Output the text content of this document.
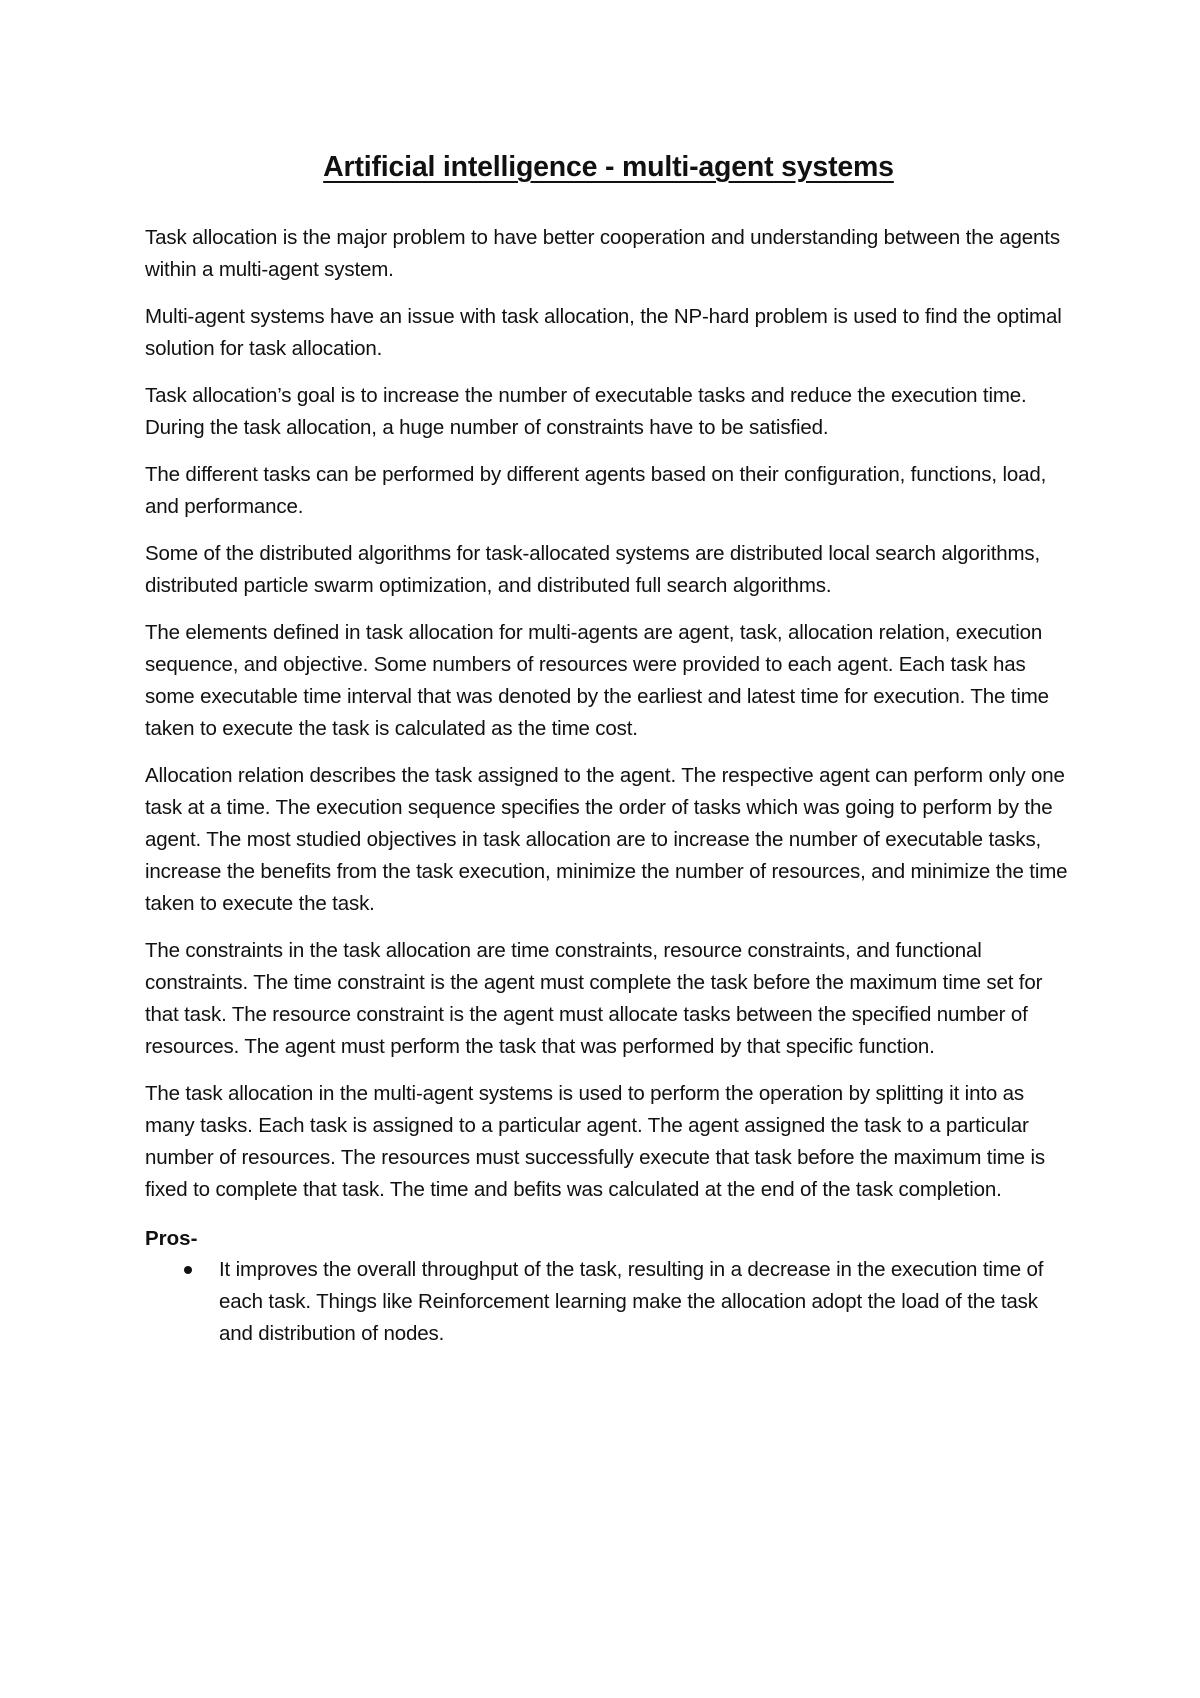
Artificial intelligence - multi-agent systems

Task allocation is the major problem to have better cooperation and understanding between the agents within a multi-agent system.

Multi-agent systems have an issue with task allocation, the NP-hard problem is used to find the optimal solution for task allocation.

Task allocation’s goal is to increase the number of executable tasks and reduce the execution time. During the task allocation, a huge number of constraints have to be satisfied.

The different tasks can be performed by different agents based on their configuration, functions, load, and performance.

Some of the distributed algorithms for task-allocated systems are distributed local search algorithms, distributed particle swarm optimization, and distributed full search algorithms.

The elements defined in task allocation for multi-agents are agent, task, allocation relation, execution sequence, and objective. Some numbers of resources were provided to each agent. Each task has some executable time interval that was denoted by the earliest and latest time for execution. The time taken to execute the task is calculated as the time cost.

Allocation relation describes the task assigned to the agent. The respective agent can perform only one task at a time. The execution sequence specifies the order of tasks which was going to perform by the agent. The most studied objectives in task allocation are to increase the number of executable tasks, increase the benefits from the task execution, minimize the number of resources, and minimize the time taken to execute the task.

The constraints in the task allocation are time constraints, resource constraints, and functional constraints. The time constraint is the agent must complete the task before the maximum time set for that task. The resource constraint is the agent must allocate tasks between the specified number of resources. The agent must perform the task that was performed by that specific function.

The task allocation in the multi-agent systems is used to perform the operation by splitting it into as many tasks. Each task is assigned to a particular agent. The agent assigned the task to a particular number of resources. The resources must successfully execute that task before the maximum time is fixed to complete that task. The time and befits was calculated at the end of the task completion.

Pros-
It improves the overall throughput of the task, resulting in a decrease in the execution time of each task. Things like Reinforcement learning make the allocation adopt the load of the task and distribution of nodes.
